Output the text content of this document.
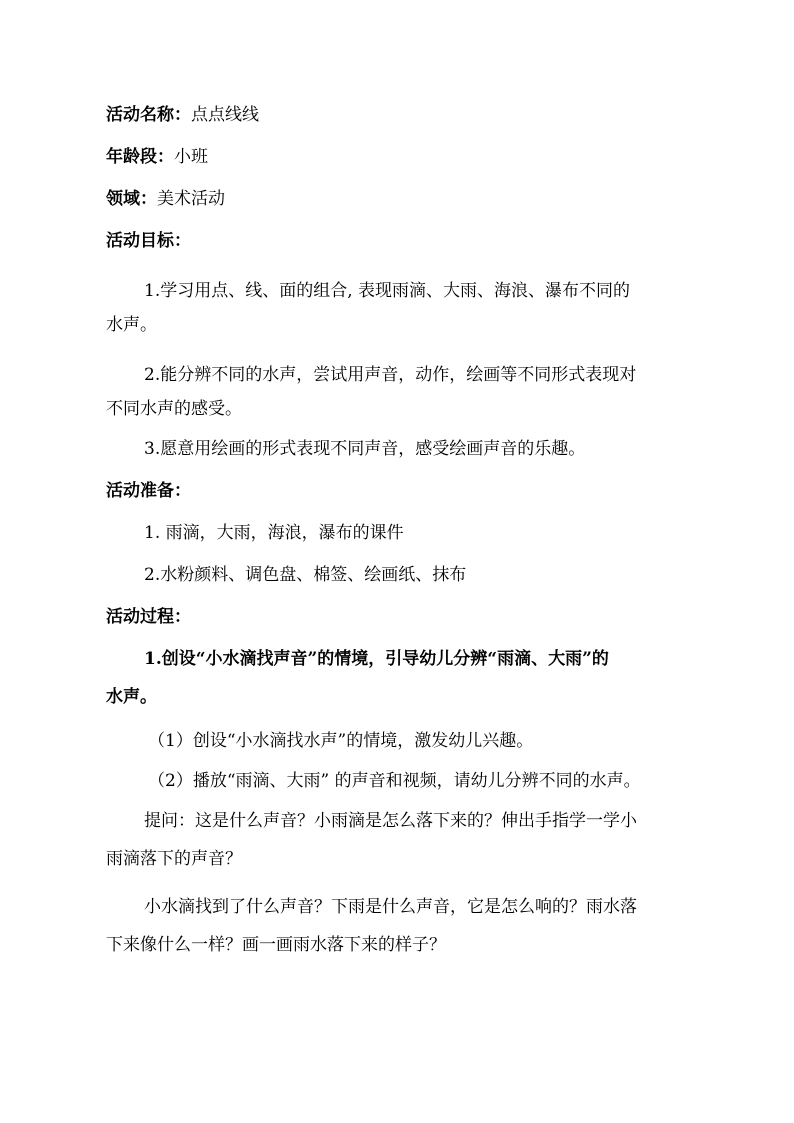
活动名称：点点线线
年龄段：小班
领域：美术活动
活动目标：
1.学习用点、线、面的组合, 表现雨滴、大雨、海浪、瀑布不同的
水声。
2.能分辨不同的水声，尝试用声音，动作，绘画等不同形式表现对
不同水声的感受。
3.愿意用绘画的形式表现不同声音，感受绘画声音的乐趣。
活动准备：
1. 雨滴，大雨，海浪，瀑布的课件
2.水粉颜料、调色盘、棉签、绘画纸、抹布
活动过程：
1.创设“小水滴找声音”的情境，引导幼儿分辨“雨滴、大雨”的
水声。
（1）创设“小水滴找水声”的情境，激发幼儿兴趣。
（2）播放“雨滴、大雨” 的声音和视频，请幼儿分辨不同的水声。
提问：这是什么声音？小雨滴是怎么落下来的？伸出手指学一学小
雨滴落下的声音？
小水滴找到了什么声音？下雨是什么声音，它是怎么响的？雨水落
下来像什么一样？画一画雨水落下来的样子？
